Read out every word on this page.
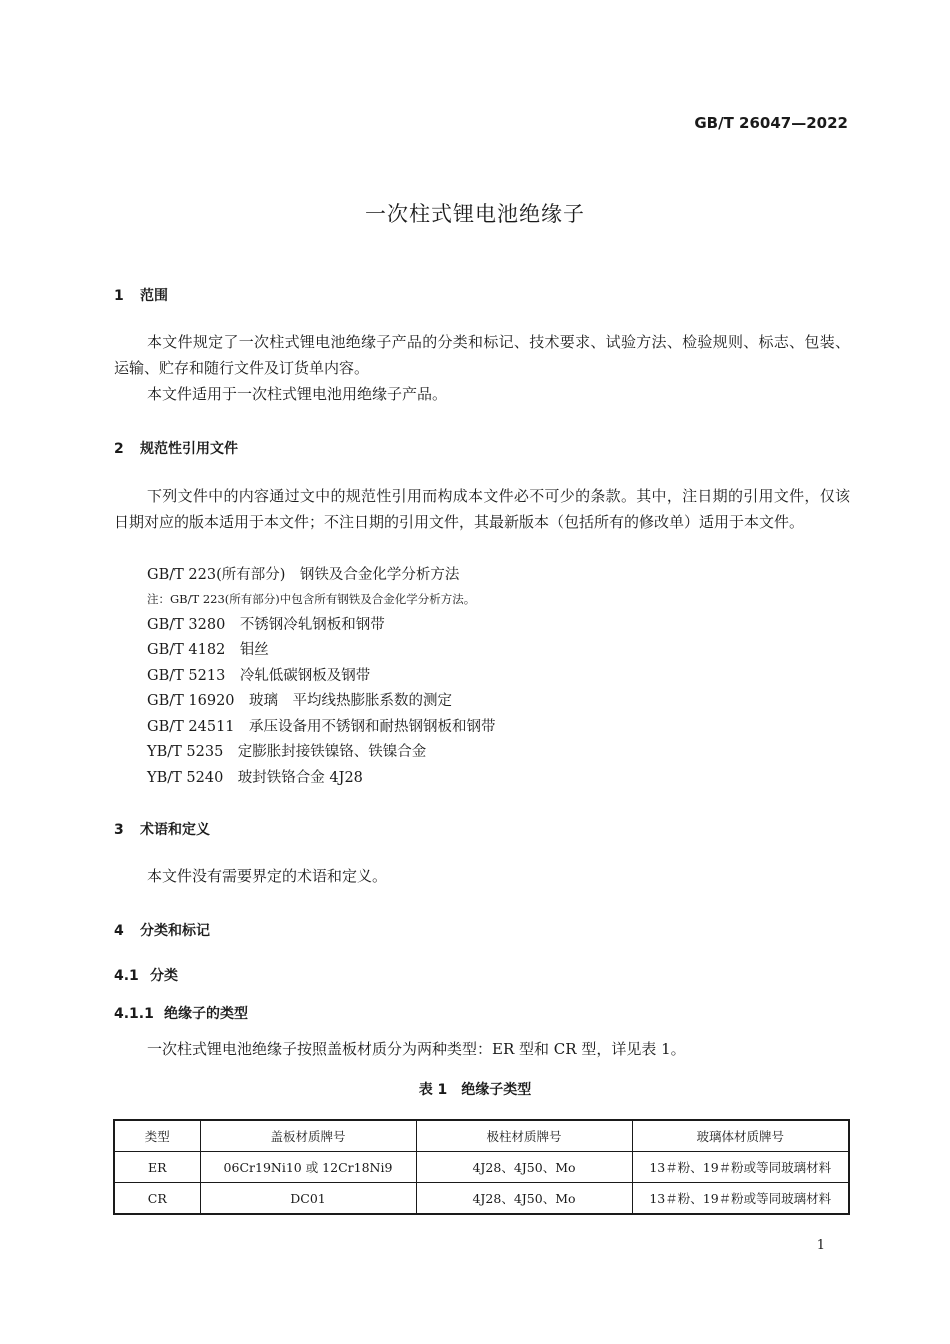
GB/T 26047—2022
一次柱式锂电池绝缘子
1 范围
本文件规定了一次柱式锂电池绝缘子产品的分类和标记、技术要求、试验方法、检验规则、标志、包装、运输、贮存和随行文件及订货单内容。
本文件适用于一次柱式锂电池用绝缘子产品。
2 规范性引用文件
下列文件中的内容通过文中的规范性引用而构成本文件必不可少的条款。其中，注日期的引用文件，仅该日期对应的版本适用于本文件；不注日期的引用文件，其最新版本（包括所有的修改单）适用于本文件。
GB/T 223(所有部分)　 钢铁及合金化学分析方法
注：GB/T 223(所有部分)中包含所有钢铁及合金化学分析方法。
GB/T 3280　 不锈钢冷轧钢板和钢带
GB/T 4182　 钼丝
GB/T 5213　 冷轧低碳钢板及钢带
GB/T 16920　 玻璃　平均线热膨胀系数的测定
GB/T 24511　 承压设备用不锈钢和耐热钢钢板和钢带
YB/T 5235　 定膨胀封接铁镍铬、铁镍合金
YB/T 5240　 玻封铁铬合金 4J28
3 术语和定义
本文件没有需要界定的术语和定义。
4 分类和标记
4.1 分类
4.1.1 绝缘子的类型
一次柱式锂电池绝缘子按照盖板材质分为两种类型：ER 型和 CR 型，详见表 1。
表 1　绝缘子类型
类型	盖板材质牌号	极柱材质牌号	玻璃体材质牌号
ER	06Cr19Ni10 或 12Cr18Ni9	4J28、4J50、Mo	13＃粉、19＃粉或等同玻璃材料
CR	DC01	4J28、4J50、Mo	13＃粉、19＃粉或等同玻璃材料
1
